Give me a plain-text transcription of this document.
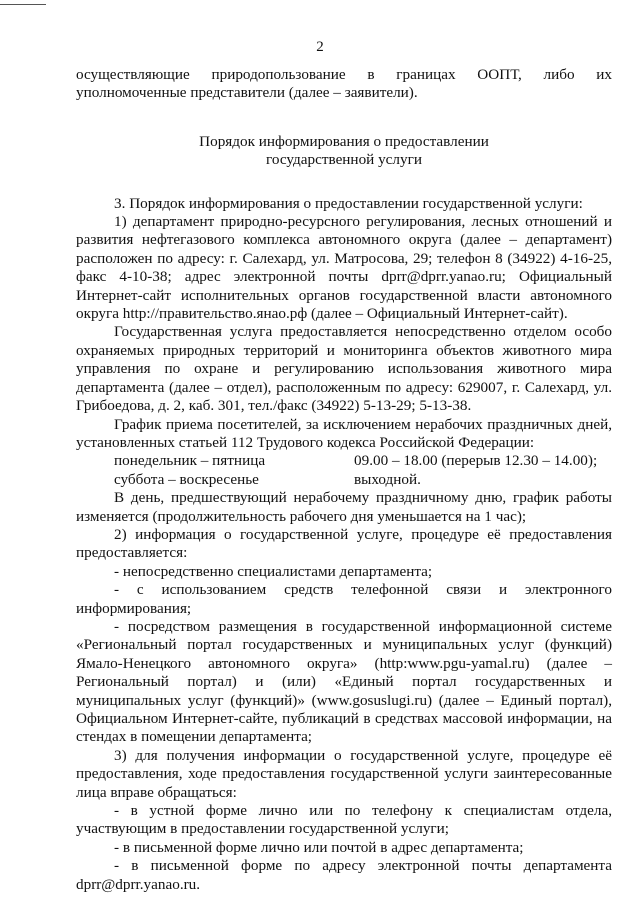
2

осуществляющие природопользование в границах ООПТ, либо их уполномоченные представители (далее – заявители).

Порядок информирования о предоставлении
государственной услуги

3. Порядок информирования о предоставлении государственной услуги:

1) департамент природно-ресурсного регулирования, лесных отношений и развития нефтегазового комплекса автономного округа (далее – департамент) расположен по адресу: г. Салехард, ул. Матросова, 29; телефон 8 (34922) 4-16-25, факс 4-10-38; адрес электронной почты dprr@dprr.yanao.ru; Официальный Интернет-сайт исполнительных органов государственной власти автономного округа http://правительство.янао.рф (далее – Официальный Интернет-сайт).

Государственная услуга предоставляется непосредственно отделом особо охраняемых природных территорий и мониторинга объектов животного мира управления по охране и регулированию использования животного мира департамента (далее – отдел), расположенным по адресу: 629007, г. Салехард, ул. Грибоедова, д. 2, каб. 301, тел./факс (34922) 5-13-29; 5-13-38.

График приема посетителей, за исключением нерабочих праздничных дней, установленных статьей 112 Трудового кодекса Российской Федерации:

понедельник – пятница	09.00 – 18.00 (перерыв 12.30 – 14.00);
суббота – воскресенье	выходной.

В день, предшествующий нерабочему праздничному дню, график работы изменяется (продолжительность рабочего дня уменьшается на 1 час);

2) информация о государственной услуге, процедуре её предоставления предоставляется:

- непосредственно специалистами департамента;

- с использованием средств телефонной связи и электронного информирования;

- посредством размещения в государственной информационной системе «Региональный портал государственных и муниципальных услуг (функций) Ямало-Ненецкого автономного округа» (http:www.pgu-yamal.ru) (далее – Региональный портал) и (или) «Единый портал государственных и муниципальных услуг (функций)» (www.gosuslugi.ru) (далее – Единый портал), Официальном Интернет-сайте, публикаций в средствах массовой информации, на стендах в помещении департамента;

3) для получения информации о государственной услуге, процедуре её предоставления, ходе предоставления государственной услуги заинтересованные лица вправе обращаться:

- в устной форме лично или по телефону к специалистам отдела, участвующим в предоставлении государственной услуги;

- в письменной форме лично или почтой в адрес департамента;

- в письменной форме по адресу электронной почты департамента dprr@dprr.yanao.ru.
